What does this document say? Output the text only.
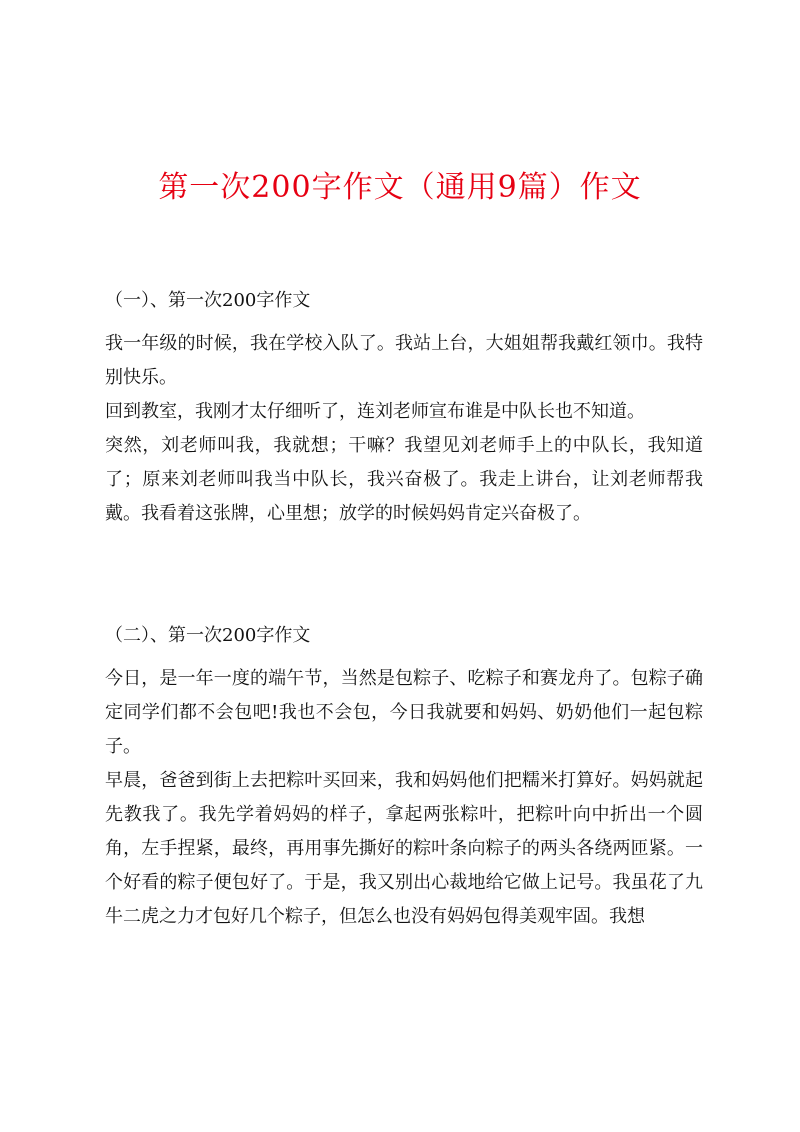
第一次200字作文（通用9篇）作文
（一）、第一次200字作文

我一年级的时候，我在学校入队了。我站上台，大姐姐帮我戴红领巾。我特别快乐。

回到教室，我刚才太仔细听了，连刘老师宣布谁是中队长也不知道。

突然，刘老师叫我，我就想；干嘛？我望见刘老师手上的中队长，我知道了；原来刘老师叫我当中队长，我兴奋极了。我走上讲台，让刘老师帮我戴。我看着这张牌，心里想；放学的时候妈妈肯定兴奋极了。

（二）、第一次200字作文

今日，是一年一度的端午节，当然是包粽子、吃粽子和赛龙舟了。包粽子确定同学们都不会包吧!我也不会包，今日我就要和妈妈、奶奶他们一起包粽子。

早晨，爸爸到街上去把粽叶买回来，我和妈妈他们把糯米打算好。妈妈就起先教我了。我先学着妈妈的样子，拿起两张粽叶，把粽叶向中折出一个圆角，左手捏紧，最终，再用事先撕好的粽叶条向粽子的两头各绕两匝紧。一个好看的粽子便包好了。于是，我又别出心裁地给它做上记号。我虽花了九牛二虎之力才包好几个粽子，但怎么也没有妈妈包得美观牢固。我想
